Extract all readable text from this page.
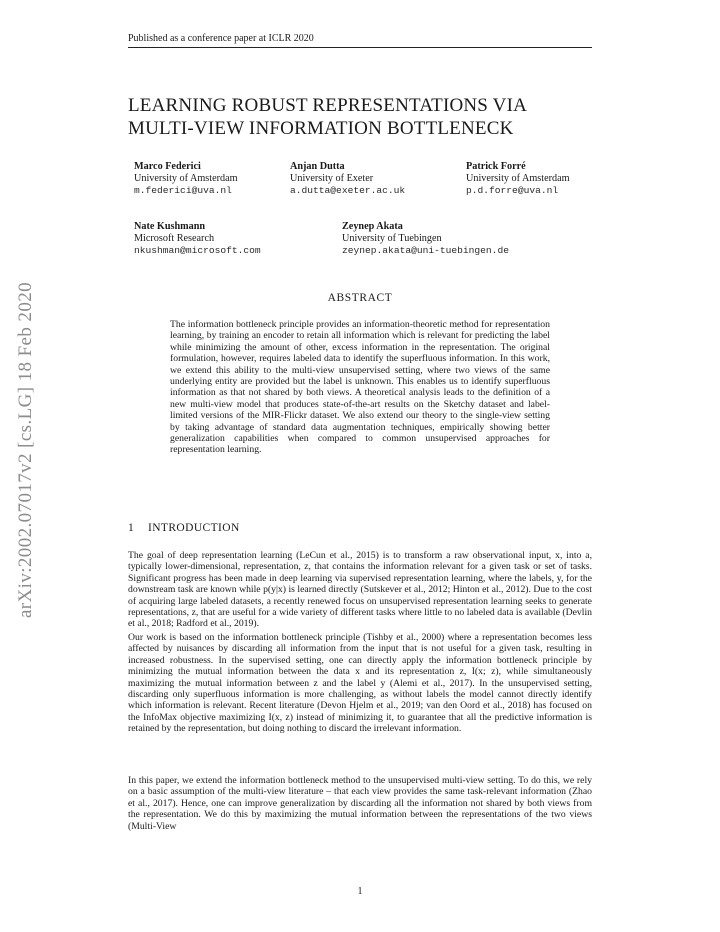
Published as a conference paper at ICLR 2020
LEARNING ROBUST REPRESENTATIONS VIA
MULTI-VIEW INFORMATION BOTTLENECK
Marco Federici
University of Amsterdam
m.federici@uva.nl
Anjan Dutta
University of Exeter
a.dutta@exeter.ac.uk
Patrick Forré
University of Amsterdam
p.d.forre@uva.nl
Nate Kushmann
Microsoft Research
nkushman@microsoft.com
Zeynep Akata
University of Tuebingen
zeynep.akata@uni-tuebingen.de
arXiv:2002.07017v2 [cs.LG] 18 Feb 2020	ABSTRACT
The information bottleneck principle provides an information-theoretic method for representation learning, by training an encoder to retain all information which is relevant for predicting the label while minimizing the amount of other, excess information in the representation. The original formulation, however, requires labeled data to identify the superfluous information. In this work, we extend this ability to the multi-view unsupervised setting, where two views of the same underlying entity are provided but the label is unknown. This enables us to identify superfluous information as that not shared by both views. A theoretical analysis leads to the definition of a new multi-view model that produces state-of-the-art results on the Sketchy dataset and label-limited versions of the MIR-Flickr dataset. We also extend our theory to the single-view setting by taking advantage of standard data augmentation techniques, empirically showing better generalization capabilities when compared to common unsupervised approaches for representation learning.
1 INTRODUCTION
The goal of deep representation learning (LeCun et al., 2015) is to transform a raw observational input, x, into a, typically lower-dimensional, representation, z, that contains the information relevant for a given task or set of tasks. Significant progress has been made in deep learning via supervised representation learning, where the labels, y, for the downstream task are known while p(y|x) is learned directly (Sutskever et al., 2012; Hinton et al., 2012). Due to the cost of acquiring large labeled datasets, a recently renewed focus on unsupervised representation learning seeks to generate representations, z, that are useful for a wide variety of different tasks where little to no labeled data is available (Devlin et al., 2018; Radford et al., 2019).
Our work is based on the information bottleneck principle (Tishby et al., 2000) where a representation becomes less affected by nuisances by discarding all information from the input that is not useful for a given task, resulting in increased robustness. In the supervised setting, one can directly apply the information bottleneck principle by minimizing the mutual information between the data x and its representation z, I(x; z), while simultaneously maximizing the mutual information between z and the label y (Alemi et al., 2017). In the unsupervised setting, discarding only superfluous information is more challenging, as without labels the model cannot directly identify which information is relevant. Recent literature (Devon Hjelm et al., 2019; van den Oord et al., 2018) has focused on the InfoMax objective maximizing I(x, z) instead of minimizing it, to guarantee that all the predictive information is retained by the representation, but doing nothing to discard the irrelevant information.
In this paper, we extend the information bottleneck method to the unsupervised multi-view setting. To do this, we rely on a basic assumption of the multi-view literature – that each view provides the same task-relevant information (Zhao et al., 2017). Hence, one can improve generalization by discarding all the information not shared by both views from the representation. We do this by maximizing the mutual information between the representations of the two views (Multi-View
1
